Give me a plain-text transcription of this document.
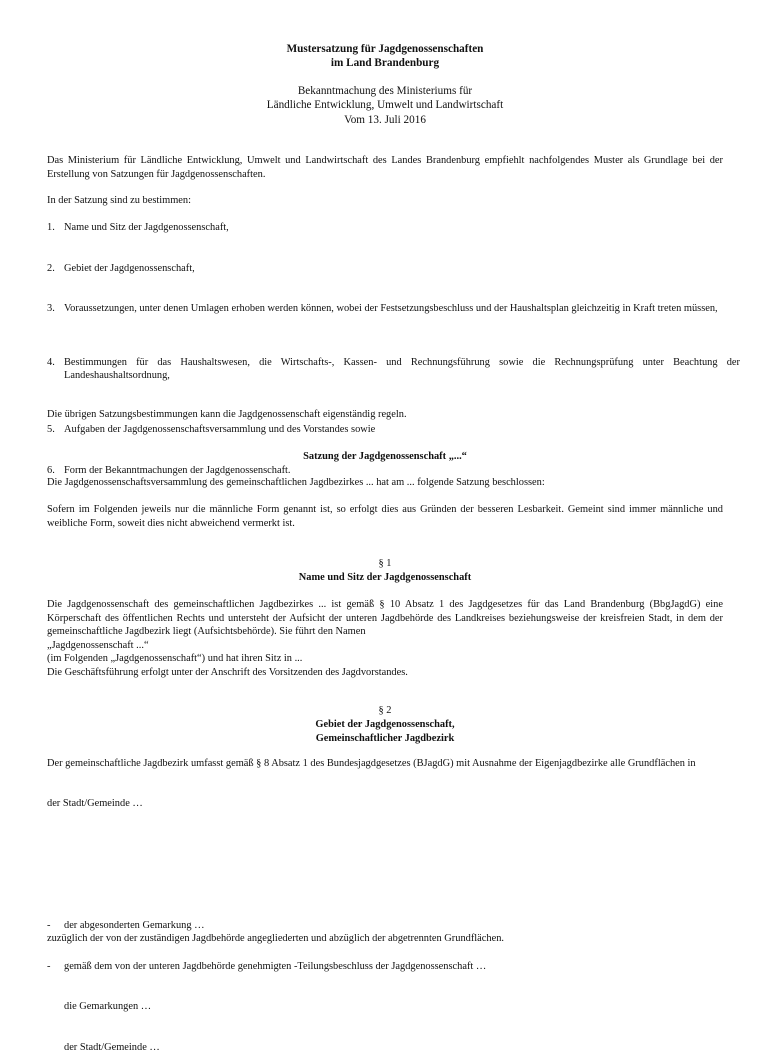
Mustersatzung für Jagdgenossenschaften
im Land Brandenburg
Bekanntmachung des Ministeriums für
Ländliche Entwicklung, Umwelt und Landwirtschaft
Vom 13. Juli 2016
Das Ministerium für Ländliche Entwicklung, Umwelt und Landwirtschaft des Landes Brandenburg empfiehlt nachfolgendes Muster als Grundlage bei der Erstellung von Satzungen für Jagdgenossenschaften.
In der Satzung sind zu bestimmen:
1. Name und Sitz der Jagdgenossenschaft,
2. Gebiet der Jagdgenossenschaft,
3. Voraussetzungen, unter denen Umlagen erhoben werden können, wobei der Festsetzungsbeschluss und der Haushaltsplan gleichzeitig in Kraft treten müssen,
4. Bestimmungen für das Haushaltswesen, die Wirtschafts-, Kassen- und Rechnungsführung sowie die Rechnungsprüfung unter Beachtung der Landeshaushaltsordnung,
5. Aufgaben der Jagdgenossenschaftsversammlung und des Vorstandes sowie
6. Form der Bekanntmachungen der Jagdgenossenschaft.
Die übrigen Satzungsbestimmungen kann die Jagdgenossenschaft eigenständig regeln.
Satzung der Jagdgenossenschaft „...“
Die Jagdgenossenschaftsversammlung des gemeinschaftlichen Jagdbezirkes ... hat am ... folgende Satzung beschlossen:
Sofern im Folgenden jeweils nur die männliche Form genannt ist, so erfolgt dies aus Gründen der besseren Lesbarkeit. Gemeint sind immer männliche und weibliche Form, soweit dies nicht abweichend vermerkt ist.
§ 1
Name und Sitz der Jagdgenossenschaft
Die Jagdgenossenschaft des gemeinschaftlichen Jagdbezirkes ... ist gemäß § 10 Absatz 1 des Jagdgesetzes für das Land Brandenburg (BbgJagdG) eine Körperschaft des öffentlichen Rechts und untersteht der Aufsicht der unteren Jagdbehörde des Landkreises beziehungsweise der kreisfreien Stadt, in dem der gemeinschaftliche Jagdbezirk liegt (Aufsichtsbehörde). Sie führt den Namen
„Jagdgenossenschaft ...“
(im Folgenden „Jagdgenossenschaft“) und hat ihren Sitz in ...
Die Geschäftsführung erfolgt unter der Anschrift des Vorsitzenden des Jagdvorstandes.
§ 2
Gebiet der Jagdgenossenschaft,
Gemeinschaftlicher Jagdbezirk
Der gemeinschaftliche Jagdbezirk umfasst gemäß § 8 Absatz 1 des Bundesjagdgesetzes (BJagdG) mit Ausnahme der Eigenjagdbezirke alle Grundflächen in
der Stadt/Gemeinde …
- der abgesonderten Gemarkung …
- gemäß dem von der unteren Jagdbehörde genehmigten -Teilungsbeschluss der Jagdgenossenschaft …
die Gemarkungen …
der Stadt/Gemeinde …
zuzüglich der von der zuständigen Jagdbehörde angegliederten und abzüglich der abgetrennten Grundflächen.
